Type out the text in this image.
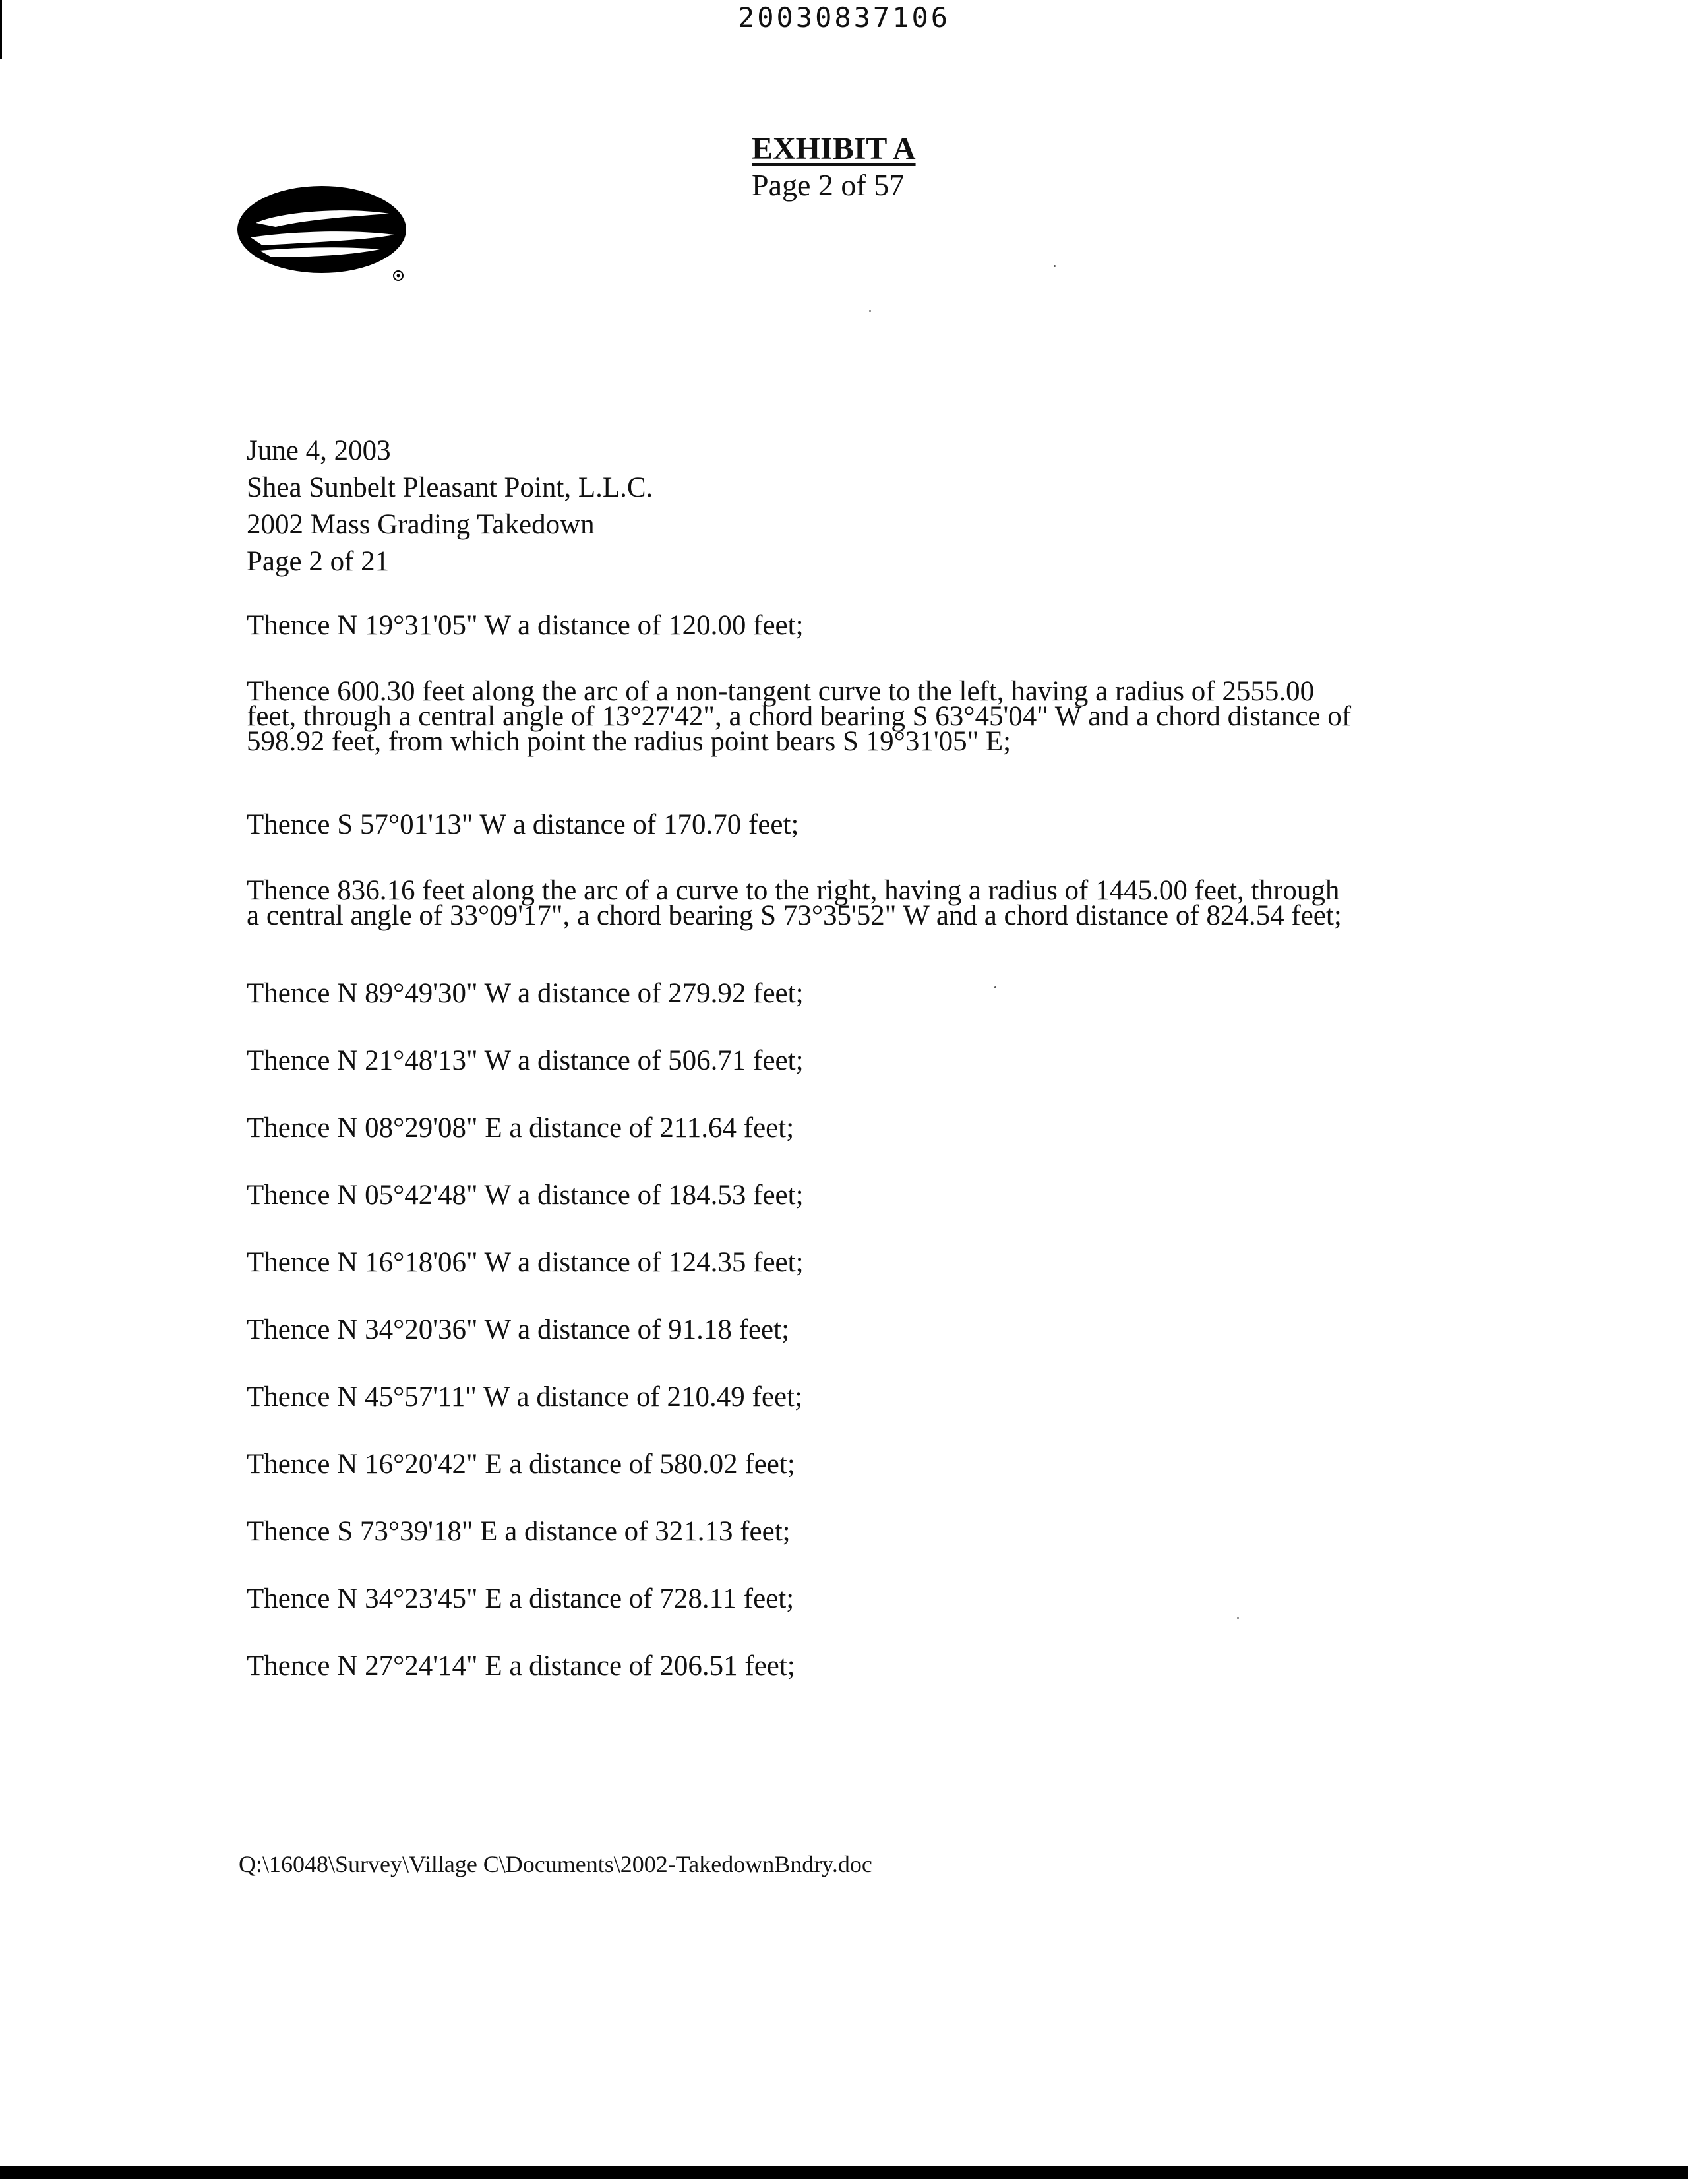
20030837106
EXHIBIT A
Page 2 of 57
June 4, 2003
Shea Sunbelt Pleasant Point, L.L.C.
2002 Mass Grading Takedown
Page 2 of 21
Thence N 19°31'05" W a distance of 120.00 feet;
Thence 600.30 feet along the arc of a non-tangent curve to the left, having a radius of 2555.00
feet, through a central angle of 13°27'42", a chord bearing S 63°45'04" W and a chord distance of
598.92 feet, from which point the radius point bears S 19°31'05" E;
Thence S 57°01'13" W a distance of 170.70 feet;
Thence 836.16 feet along the arc of a curve to the right, having a radius of 1445.00 feet, through
a central angle of 33°09'17", a chord bearing S 73°35'52" W and a chord distance of 824.54 feet;
Thence N 89°49'30" W a distance of 279.92 feet;
Thence N 21°48'13" W a distance of 506.71 feet;
Thence N 08°29'08" E a distance of 211.64 feet;
Thence N 05°42'48" W a distance of 184.53 feet;
Thence N 16°18'06" W a distance of 124.35 feet;
Thence N 34°20'36" W a distance of 91.18 feet;
Thence N 45°57'11" W a distance of 210.49 feet;
Thence N 16°20'42" E a distance of 580.02 feet;
Thence S 73°39'18" E a distance of 321.13 feet;
Thence N 34°23'45" E a distance of 728.11 feet;
Thence N 27°24'14" E a distance of 206.51 feet;
Q:\16048\Survey\Village C\Documents\2002-TakedownBndry.doc
